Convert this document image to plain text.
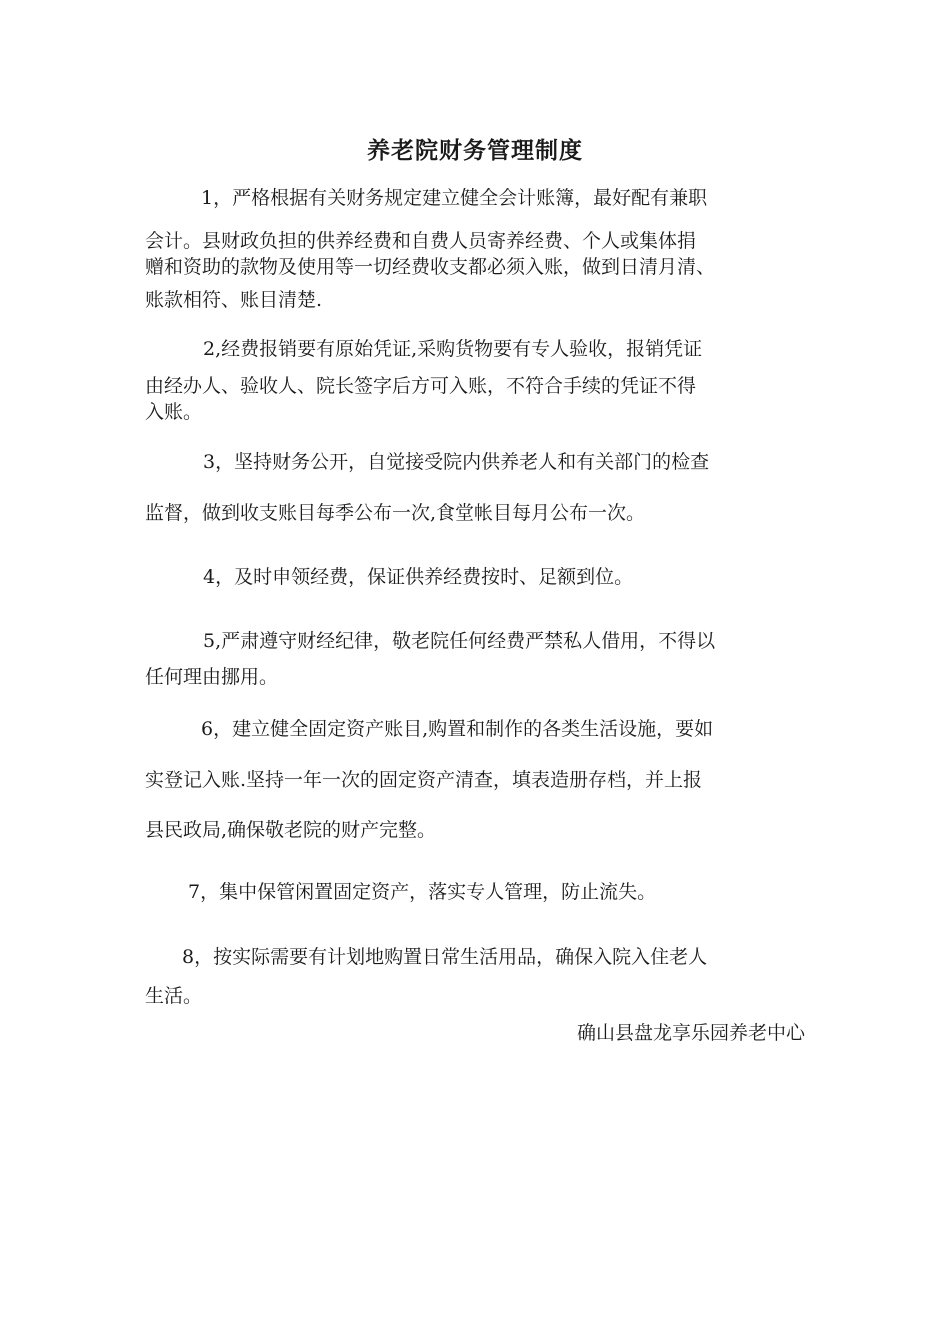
养老院财务管理制度
1，严格根据有关财务规定建立健全会计账簿，最好配有兼职
会计。县财政负担的供养经费和自费人员寄养经费、个人或集体捐
赠和资助的款物及使用等一切经费收支都必须入账，做到日清月清、
账款相符、账目清楚.
2,经费报销要有原始凭证,采购货物要有专人验收，报销凭证
由经办人、验收人、院长签字后方可入账，不符合手续的凭证不得
入账。
3，坚持财务公开，自觉接受院内供养老人和有关部门的检查
监督，做到收支账目每季公布一次,食堂帐目每月公布一次。
4，及时申领经费，保证供养经费按时、足额到位。
5,严肃遵守财经纪律，敬老院任何经费严禁私人借用，不得以
任何理由挪用。
6，建立健全固定资产账目,购置和制作的各类生活设施，要如
实登记入账.坚持一年一次的固定资产清查，填表造册存档，并上报
县民政局,确保敬老院的财产完整。
7，集中保管闲置固定资产，落实专人管理，防止流失。
8，按实际需要有计划地购置日常生活用品，确保入院入住老人
生活。
确山县盘龙享乐园养老中心
